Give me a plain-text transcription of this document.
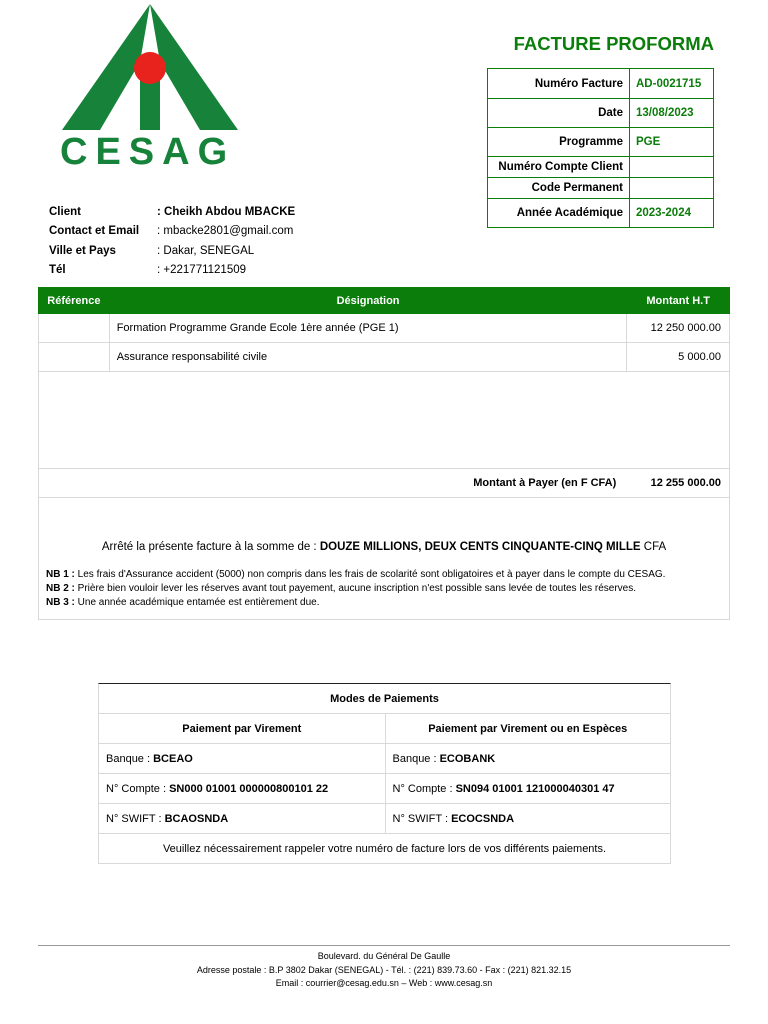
CESAG
FACTURE PROFORMA
Numéro Facture	AD-0021715
Date	13/08/2023
Programme	PGE
Numéro Compte Client	
Code Permanent	
Année Académique	2023-2024
Client	: Cheikh Abdou MBACKE
Contact et Email	: mbacke2801@gmail.com
Ville et Pays	: Dakar, SENEGAL
Tél	: +221771121509
Référence	Désignation	Montant H.T
Formation Programme Grande Ecole 1ère année (PGE 1)	12 250 000.00
Assurance responsabilité civile	5 000.00
Montant à Payer (en F CFA)	12 255 000.00
Arrêté la présente facture à la somme de : DOUZE MILLIONS, DEUX CENTS CINQUANTE-CINQ MILLE CFA
NB 1 : Les frais d'Assurance accident (5000) non compris dans les frais de scolarité sont obligatoires et à payer dans le compte du CESAG.
NB 2 : Prière bien vouloir lever les réserves avant tout payement, aucune inscription n'est possible sans levée de toutes les réserves.
NB 3 : Une année académique entamée est entièrement due.
Modes de Paiements
Paiement par Virement	Paiement par Virement ou en Espèces
Banque : BCEAO	Banque : ECOBANK
N° Compte : SN000 01001 000000800101 22	N° Compte : SN094 01001 121000040301 47
N° SWIFT : BCAOSNDA	N° SWIFT : ECOCSNDA
Veuillez nécessairement rappeler votre numéro de facture lors de vos différents paiements.
Boulevard. du Général De Gaulle
Adresse postale : B.P 3802 Dakar (SENEGAL) - Tél. : (221) 839.73.60 - Fax : (221) 821.32.15
Email : courrier@cesag.edu.sn – Web : www.cesag.sn
